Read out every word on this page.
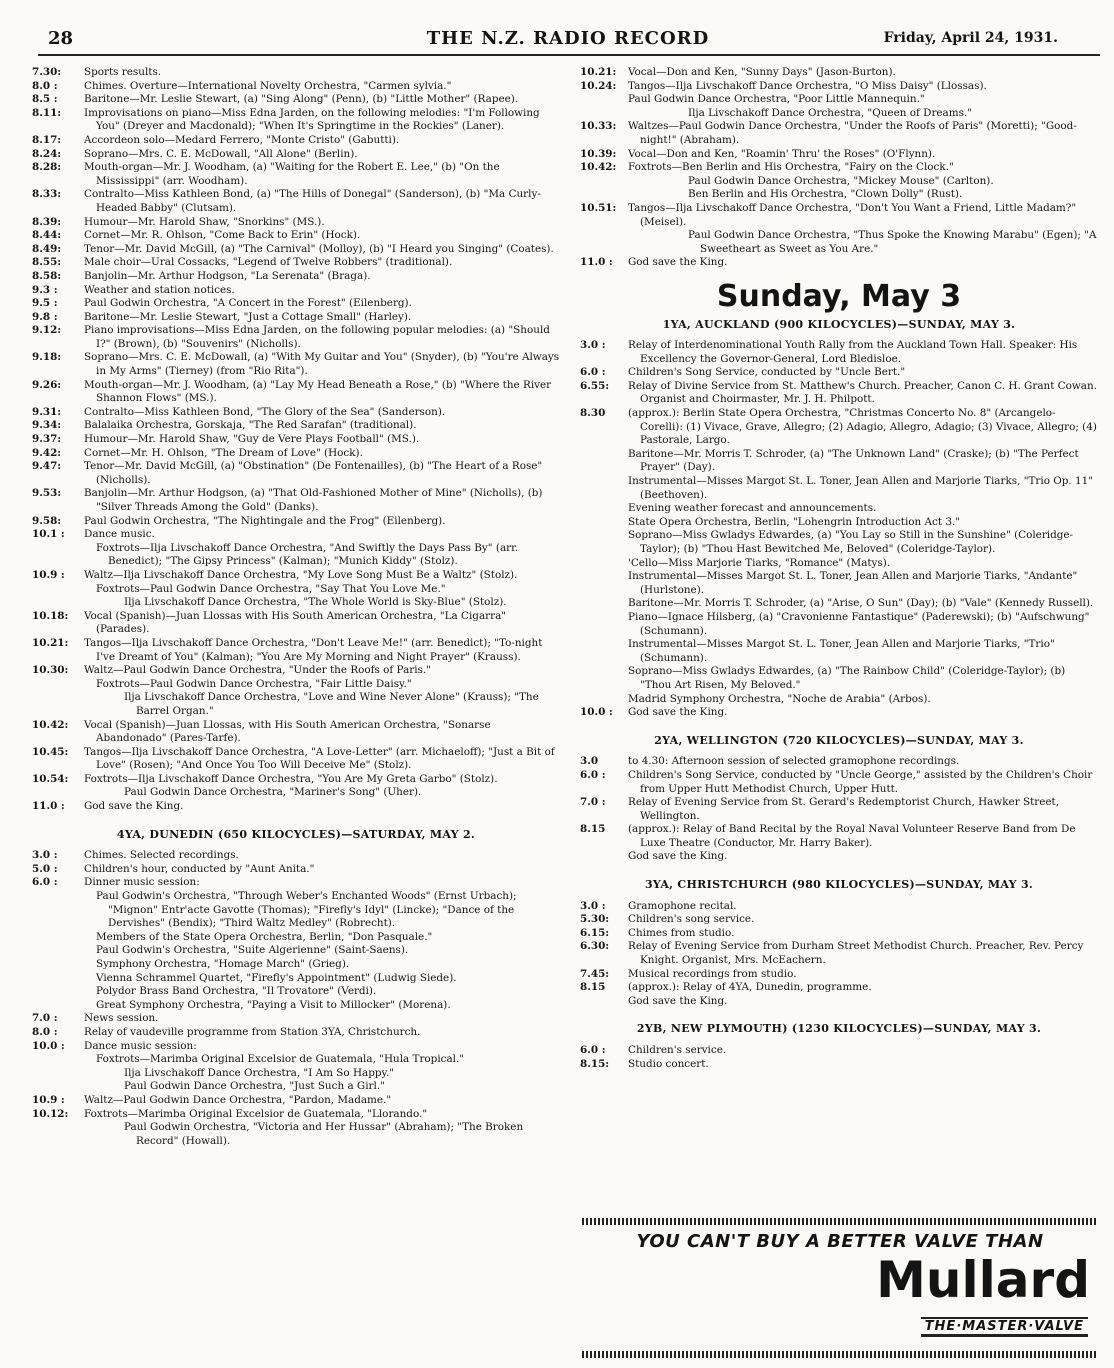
28	THE N.Z. RADIO RECORD	Friday, April 24, 1931.
7.30:	Sports results.
8.0 :	Chimes. Overture—International Novelty Orchestra, "Carmen sylvia."
8.5 :	Baritone—Mr. Leslie Stewart, (a) "Sing Along" (Penn), (b) "Little Mother" (Rapee).
8.11:	Improvisations on piano—Miss Edna Jarden, on the following melodies: "I'm Following You" (Dreyer and Macdonald); "When It's Springtime in the Rockies" (Laner).
8.17:	Accordeon solo—Medard Ferrero, "Monte Cristo" (Gabutti).
8.24:	Soprano—Mrs. C. E. McDowall, "All Alone" (Berlin).
8.28:	Mouth-organ—Mr. J. Woodham, (a) "Waiting for the Robert E. Lee," (b) "On the Mississippi" (arr. Woodham).
8.33:	Contralto—Miss Kathleen Bond, (a) "The Hills of Donegal" (Sanderson), (b) "Ma Curly-Headed Babby" (Clutsam).
8.39:	Humour—Mr. Harold Shaw, "Snorkins" (MS.).
8.44:	Cornet—Mr. R. Ohlson, "Come Back to Erin" (Hock).
8.49:	Tenor—Mr. David McGill, (a) "The Carnival" (Molloy), (b) "I Heard you Singing" (Coates).
8.55:	Male choir—Ural Cossacks, "Legend of Twelve Robbers" (traditional).
8.58:	Banjolin—Mr. Arthur Hodgson, "La Serenata" (Braga).
9.3 :	Weather and station notices.
9.5 :	Paul Godwin Orchestra, "A Concert in the Forest" (Eilenberg).
9.8 :	Baritone—Mr. Leslie Stewart, "Just a Cottage Small" (Harley).
9.12:	Piano improvisations—Miss Edna Jarden, on the following popular melodies: (a) "Should I?" (Brown), (b) "Souvenirs" (Nicholls).
9.18:	Soprano—Mrs. C. E. McDowall, (a) "With My Guitar and You" (Snyder), (b) "You're Always in My Arms" (Tierney) (from "Rio Rita").
9.26:	Mouth-organ—Mr. J. Woodham, (a) "Lay My Head Beneath a Rose," (b) "Where the River Shannon Flows" (MS.).
9.31:	Contralto—Miss Kathleen Bond, "The Glory of the Sea" (Sanderson).
9.34:	Balalaika Orchestra, Gorskaja, "The Red Sarafan" (traditional).
9.37:	Humour—Mr. Harold Shaw, "Guy de Vere Plays Football" (MS.).
9.42:	Cornet—Mr. H. Ohlson, "The Dream of Love" (Hock).
9.47:	Tenor—Mr. David McGill, (a) "Obstination" (De Fontenailles), (b) "The Heart of a Rose" (Nicholls).
9.53:	Banjolin—Mr. Arthur Hodgson, (a) "That Old-Fashioned Mother of Mine" (Nicholls), (b) "Silver Threads Among the Gold" (Danks).
9.58:	Paul Godwin Orchestra, "The Nightingale and the Frog" (Eilenberg).
10.1 :	Dance music.
Foxtrots—Ilja Livschakoff Dance Orchestra, "And Swiftly the Days Pass By" (arr. Benedict); "The Gipsy Princess" (Kalman); "Munich Kiddy" (Stolz).
10.9 :	Waltz—Ilja Livschakoff Dance Orchestra, "My Love Song Must Be a Waltz" (Stolz).
Foxtrots—Paul Godwin Dance Orchestra, "Say That You Love Me."
Ilja Livschakoff Dance Orchestra, "The Whole World is Sky-Blue" (Stolz).
10.18:	Vocal (Spanish)—Juan Llossas with His South American Orchestra, "La Cigarra" (Parades).
10.21:	Tangos—Ilja Livschakoff Dance Orchestra, "Don't Leave Me!" (arr. Benedict); "To-night I've Dreamt of You" (Kalman); "You Are My Morning and Night Prayer" (Krauss).
10.30:	Waltz—Paul Godwin Dance Orchestra, "Under the Roofs of Paris."
Foxtrots—Paul Godwin Dance Orchestra, "Fair Little Daisy."
Ilja Livschakoff Dance Orchestra, "Love and Wine Never Alone" (Krauss); "The Barrel Organ."
10.42:	Vocal (Spanish)—Juan Llossas, with His South American Orchestra, "Sonarse Abandonado" (Pares-Tarfe).
10.45:	Tangos—Ilja Livschakoff Dance Orchestra, "A Love-Letter" (arr. Michaeloff); "Just a Bit of Love" (Rosen); "And Once You Too Will Deceive Me" (Stolz).
10.54:	Foxtrots—Ilja Livschakoff Dance Orchestra, "You Are My Greta Garbo" (Stolz).
Paul Godwin Dance Orchestra, "Mariner's Song" (Uher).
11.0 :	God save the King.
4YA, DUNEDIN (650 KILOCYCLES)—SATURDAY, MAY 2.
3.0 :	Chimes. Selected recordings.
5.0 :	Children's hour, conducted by "Aunt Anita."
6.0 :	Dinner music session:
Paul Godwin's Orchestra, "Through Weber's Enchanted Woods" (Ernst Urbach); "Mignon" Entr'acte Gavotte (Thomas); "Firefly's Idyl" (Lincke); "Dance of the Dervishes" (Bendix); "Third Waltz Medley" (Robrecht).
Members of the State Opera Orchestra, Berlin, "Don Pasquale."
Paul Godwin's Orchestra, "Suite Algerienne" (Saint-Saens).
Symphony Orchestra, "Homage March" (Grieg).
Vienna Schrammel Quartet, "Firefly's Appointment" (Ludwig Siede).
Polydor Brass Band Orchestra, "Il Trovatore" (Verdi).
Great Symphony Orchestra, "Paying a Visit to Millocker" (Morena).
7.0 :	News session.
8.0 :	Relay of vaudeville programme from Station 3YA, Christchurch.
10.0 :	Dance music session:
Foxtrots—Marimba Original Excelsior de Guatemala, "Hula Tropical."
Ilja Livschakoff Dance Orchestra, "I Am So Happy."
Paul Godwin Dance Orchestra, "Just Such a Girl."
10.9 :	Waltz—Paul Godwin Dance Orchestra, "Pardon, Madame."
10.12:	Foxtrots—Marimba Original Excelsior de Guatemala, "Llorando."
Paul Godwin Orchestra, "Victoria and Her Hussar" (Abraham); "The Broken Record" (Howall).
10.21:	Vocal—Don and Ken, "Sunny Days" (Jason-Burton).
10.24:	Tangos—Ilja Livschakoff Dance Orchestra, "O Miss Daisy" (Llossas).
Paul Godwin Dance Orchestra, "Poor Little Mannequin."
Ilja Livschakoff Dance Orchestra, "Queen of Dreams."
10.33:	Waltzes—Paul Godwin Dance Orchestra, "Under the Roofs of Paris" (Moretti); "Good-night!" (Abraham).
10.39:	Vocal—Don and Ken, "Roamin' Thru' the Roses" (O'Flynn).
10.42:	Foxtrots—Ben Berlin and His Orchestra, "Fairy on the Clock."
Paul Godwin Dance Orchestra, "Mickey Mouse" (Carlton).
Ben Berlin and His Orchestra, "Clown Dolly" (Rust).
10.51:	Tangos—Ilja Livschakoff Dance Orchestra, "Don't You Want a Friend, Little Madam?" (Meisel).
Paul Godwin Dance Orchestra, "Thus Spoke the Knowing Marabu" (Egen); "A Sweetheart as Sweet as You Are."
11.0 :	God save the King.
Sunday, May 3
1YA, AUCKLAND (900 KILOCYCLES)—SUNDAY, MAY 3.
3.0 :	Relay of Interdenominational Youth Rally from the Auckland Town Hall. Speaker: His Excellency the Governor-General, Lord Bledisloe.
6.0 :	Children's Song Service, conducted by "Uncle Bert."
6.55:	Relay of Divine Service from St. Matthew's Church. Preacher, Canon C. H. Grant Cowan. Organist and Choirmaster, Mr. J. H. Philpott.
8.30	(approx.): Berlin State Opera Orchestra, "Christmas Concerto No. 8" (Arcangelo-Corelli): (1) Vivace, Grave, Allegro; (2) Adagio, Allegro, Adagio; (3) Vivace, Allegro; (4) Pastorale, Largo.
Baritone—Mr. Morris T. Schroder, (a) "The Unknown Land" (Craske); (b) "The Perfect Prayer" (Day).
Instrumental—Misses Margot St. L. Toner, Jean Allen and Marjorie Tiarks, "Trio Op. 11" (Beethoven).
Evening weather forecast and announcements.
State Opera Orchestra, Berlin, "Lohengrin Introduction Act 3."
Soprano—Miss Gwladys Edwardes, (a) "You Lay so Still in the Sunshine" (Coleridge-Taylor); (b) "Thou Hast Bewitched Me, Beloved" (Coleridge-Taylor).
'Cello—Miss Marjorie Tiarks, "Romance" (Matys).
Instrumental—Misses Margot St. L. Toner, Jean Allen and Marjorie Tiarks, "Andante" (Hurlstone).
Baritone—Mr. Morris T. Schroder, (a) "Arise, O Sun" (Day); (b) "Vale" (Kennedy Russell).
Piano—Ignace Hilsberg, (a) "Cravonienne Fantastique" (Paderewski); (b) "Aufschwung" (Schumann).
Instrumental—Misses Margot St. L. Toner, Jean Allen and Marjorie Tiarks, "Trio" (Schumann).
Soprano—Miss Gwladys Edwardes, (a) "The Rainbow Child" (Coleridge-Taylor); (b) "Thou Art Risen, My Beloved."
Madrid Symphony Orchestra, "Noche de Arabia" (Arbos).
10.0 :	God save the King.
2YA, WELLINGTON (720 KILOCYCLES)—SUNDAY, MAY 3.
3.0	to 4.30: Afternoon session of selected gramophone recordings.
6.0 :	Children's Song Service, conducted by "Uncle George," assisted by the Children's Choir from Upper Hutt Methodist Church, Upper Hutt.
7.0 :	Relay of Evening Service from St. Gerard's Redemptorist Church, Hawker Street, Wellington.
8.15	(approx.): Relay of Band Recital by the Royal Naval Volunteer Reserve Band from De Luxe Theatre (Conductor, Mr. Harry Baker).
God save the King.
3YA, CHRISTCHURCH (980 KILOCYCLES)—SUNDAY, MAY 3.
3.0 :	Gramophone recital.
5.30:	Children's song service.
6.15:	Chimes from studio.
6.30:	Relay of Evening Service from Durham Street Methodist Church. Preacher, Rev. Percy Knight. Organist, Mrs. McEachern.
7.45:	Musical recordings from studio.
8.15	(approx.): Relay of 4YA, Dunedin, programme.
God save the King.
2YB, NEW PLYMOUTH) (1230 KILOCYCLES)—SUNDAY, MAY 3.
6.0 :	Children's service.
8.15:	Studio concert.
YOU CAN'T BUY A BETTER VALVE THAN
Mullard
THE·MASTER·VALVE
